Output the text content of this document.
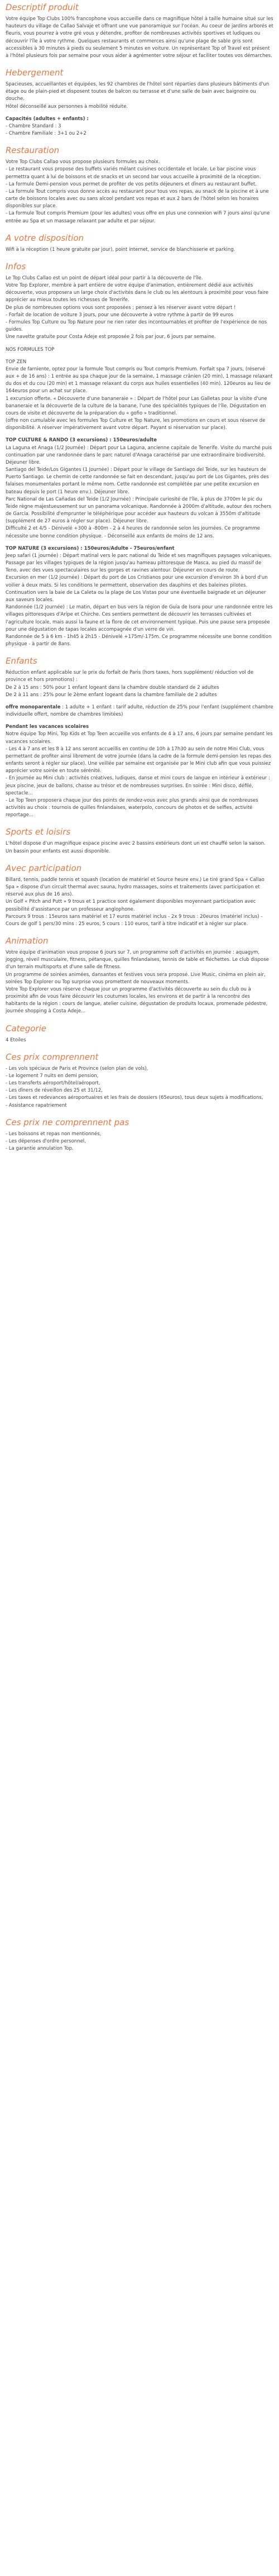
Descriptif produit

Votre équipe Top Clubs 100% francophone vous accueille dans ce magnifique hôtel à taille humaine situé sur les hauteurs du village de Callao Salvaje et offrant une vue panoramique sur l'océan. Au coeur de jardins arborés et fleuris, vous pourrez à votre gré vous y détendre, profiter de nombreuses activités sportives et ludiques ou découvrir l'île à votre rythme. Quelques restaurants et commerces ainsi qu'une plage de sable gris sont accessibles à 30 minutes à pieds ou seulement 5 minutes en voiture. Un représentant Top of Travel est présent à l'hôtel plusieurs fois par semaine pour vous aider à agrémenter votre séjour et faciliter toutes vos démarches.

Hebergement

Spacieuses, accueillantes et équipées, les 92 chambres de l'hôtel sont réparties dans plusieurs bâtiments d'un étage ou de plain-pied et disposent toutes de balcon ou terrasse et d'une salle de bain avec baignoire ou douche.
Hôtel déconseillé aux personnes à mobilité réduite.

Capacités (adultes + enfants) :
- Chambre Standard : 3
- Chambre Familiale : 3+1 ou 2+2

Restauration

Votre Top Clubs Callao vous propose plusieurs formules au choix.
- Le restaurant vous propose des buffets variés mêlant cuisines occidentale et locale. Le bar piscine vous permettra quant à lui de boissons et de snacks et un second bar vous accueille à proximité de la réception.
- La formule Demi-pension vous permet de profiter de vos petits déjeuners et dîners au restaurant buffet.
- La formule Tout compris vous donne accès au restaurant pour tous vos repas, au snack de la piscine et à une carte de boissons locales avec ou sans alcool pendant vos repas et aux 2 bars de l'hôtel selon les horaires disponibles sur place.
- La formule Tout compris Premium (pour les adultes) vous offre en plus une connexion wifi 7 jours ainsi qu'une entrée au Spa et un massage relaxant par adulte et par séjour.

A votre disposition

Wifi à la réception (1 heure gratuite par jour), point internet, service de blanchisserie et parking.

Infos

Le Top Clubs Callao est un point de départ idéal pour partir à la découverte de l'île.
Votre Top Explorer, membre à part entière de votre équipe d'animation, entièrement dédié aux activités découverte, vous proposera un large choix d'activités dans le club ou les alentours à proximité pour vous faire apprécier au mieux toutes les richesses de Tenerife.
De plus de nombreuses options vous sont proposées ; pensez à les réserver avant votre départ !
- Forfait de location de voiture 3 jours, pour une découverte à votre rythme à partir de 99 euros
- Formules Top Culture ou Top Nature pour ne rien rater des incontournables et profiter de l'expérience de nos guides.
Une navette gratuite pour Costa Adeje est proposée 2 fois par jour, 6 jours par semaine.

NOS FORMULES TOP

TOP ZEN
Envie de farniente, optez pour la formule Tout compris ou Tout compris Premium. Forfait spa 7 jours, (réservé aux + de 16 ans) : 1 entrée au spa chaque jour de la semaine, 1 massage crânien (20 min), 1 massage relaxant du dos et du cou (20 min) et 1 massage relaxant du corps aux huiles essentielles (40 min). 120euros au lieu de 164euros pour un achat sur place.
1 excursion offerte. « Découverte d'une bananeraie » : Départ de l'hôtel pour Las Galletas pour la visite d'une bananeraie et la découverte de la culture de la banane, l'une des spécialités typiques de l'île. Dégustation en cours de visite et découverte de la préparation du « gofio » traditionnel.
(offre non cumulable avec les formules Top Culture et Top Nature, les promotions en cours et sous réserve de disponibilité. A réserver impérativement avant votre départ. Payant si réservation sur place).

TOP CULTURE & RANDO (3 excursions) : 150euros/adulte
La Laguna et Anaga (1/2 Journée) : Départ pour La Laguna, ancienne capitale de Tenerife. Visite du marché puis continuation par une randonnée dans le parc naturel d'Anaga caractérisé par une extraordinaire biodiversité. Déjeuner libre.
Santiago del Teide/Los Gigantes (1 Journée) : Départ pour le village de Santiago del Teide, sur les hauteurs de Puerto Santiago. Le chemin de cette randonnée se fait en descendant, jusqu'au port de Los Gigantes, près des falaises monumentales portant le même nom. Cette randonnée est complétée par une petite excursion en bateau depuis le port (1 heure env.). Déjeuner libre.
Parc National de Las Cañadas del Teide (1/2 Journée) : Principale curiosité de l'île, à plus de 3700m le pic du Teide règne majestueusement sur un panorama volcanique. Randonnée à 2000m d'altitude, autour des rochers de García. Possibilité d'emprunter le téléphérique pour accéder aux hauteurs du volcan à 3550m d'altitude (supplément de 27 euros à régler sur place). Déjeuner libre.
Difficulté 2 et 4/5 - Dénivelé +300 à -800m - 2 à 4 heures de randonnée selon les journées. Ce programme nécessite une bonne condition physique. - Déconseillé aux enfants de moins de 12 ans.

TOP NATURE (3 excursions) : 150euros/Adulte - 75euros/enfant
Jeep safari (1 journée) : Départ matinal vers le parc national du Teide et ses magnifiques paysages volcaniques. Passage par les villages typiques de la région jusqu'au hameau pittoresque de Masca, au pied du massif de Teno, avec des vues spectaculaires sur les gorges et ravines alentour. Déjeuner en cours de route.
Excursion en mer (1/2 journée) : Départ du port de Los Cristianos pour une excursion d'environ 3h à bord d'un voilier à deux mats. Si les conditions le permettent, observation des dauphins et des baleines pilotes. Continuation vers la baie de La Caleta ou la plage de Los Vistas pour une éventuelle baignade et un déjeuner aux saveurs locales.
Randonnée (1/2 journée) : Le matin, départ en bus vers la région de Guía de Isora pour une randonnée entre les villages pittoresques d'Arípe et Chirche. Ces sentiers permettent de découvrir les terrasses cultivées et l'agriculture locale, mais aussi la faune et la flore de cet environnement typique. Puis une pause sera proposée pour une dégustation de tapas locales accompagnée d'un verre de vin.
Randonnée de 5 à 6 km - 1h45 à 2h15 - Dénivelé +175m/-175m. Ce programme nécessite une bonne condition physique - à partir de 8ans.

Enfants

Réduction enfant applicable sur le prix du forfait de Paris (hors taxes, hors supplément/ réduction vol de province et hors promotions) :
De 2 à 15 ans : 50% pour 1 enfant logeant dans la chambre double standard de 2 adultes
De 2 à 11 ans : 25% pour le 2ème enfant logeant dans la chambre familiale de 2 adultes

offre monoparentale : 1 adulte + 1 enfant : tarif adulte, réduction de 25% pour l'enfant (supplément chambre individuelle offert, nombre de chambres limitées)

Pendant les vacances scolaires
Notre équipe Top Mini, Top Kids et Top Teen accueille vos enfants de 4 à 17 ans, 6 jours par semaine pendant les vacances scolaires.
- Les 4 à 7 ans et les 8 à 12 ans seront accueillis en continu de 10h à 17h30 au sein de notre Mini Club, vous permettant de profiter ainsi librement de votre journée (dans la cadre de la formule demi-pension les repas des enfants seront à régler sur place). Une veillée par semaine est organisée par le Mini club afin que vous puissiez apprécier votre soirée en toute sérénité.
- En journée au Mini club : activités créatives, ludiques, danse et mini cours de langue en intérieur à extérieur : jeux piscine, jeux de ballons, chasse au trésor et de nombreuses surprises. En soirée : Mini disco, défilé, spectacle...
- Le Top Teen proposera chaque jour des points de rendez-vous avec plus grands ainsi que de nombreuses activités au choix : tournois de quilles finlandaises, waterpolo, concours de photos et de selfies, activité reportage...

Sports et loisirs

L'hôtel dispose d'un magnifique espace piscine avec 2 bassins extérieurs dont un est chauffé selon la saison. Un bassin pour enfants est aussi disponible.

Avec participation

Billard, tennis, paddle tennis et squash (location de matériel et Source heure env.) Le tiré grand Spa « Callao Spa » dispose d'un circuit thermal avec sauna, hydro massages, soins et traitements (avec participation et réservé aux plus de 16 ans).
Un Golf « Pitch and Putt » 9 trous et 1 practice sont également disponibles moyennant participation avec possibilité d'assistance par un professeur anglophone.
Parcours 9 trous : 15euros sans matériel et 17 euros matériel inclus - 2x 9 trous : 20euros (matériel inclus) - Cours de golf 1 pers/30 mins : 25 euros, 5 cours : 110 euros, tarif à titre indicatif et à régler sur place.

Animation

Votre équipe d'animation vous propose 6 jours sur 7, un programme soft d'activités en journée : aquagym, jogging, réveil musculaire, fitness, pétanque, quilles finlandaises, tennis de table et fléchettes. Le club dispose d'un terrain multisports et d'une salle de fitness.
Un programme de soirées animées, dansantes et festives vous sera proposé. Live Music, cinéma en plein air, soirées Top Explorer ou Top surprise vous promettent de nouveaux moments.
Votre Top Explorer vous réserve chaque jour un programme d'activités découverte au sein du club ou à proximité afin de vous faire découvrir les coutumes locales, les environs et de partir à la rencontre des habitants de la région : cours de langue, atelier cuisine, dégustation de produits locaux, promenade pédestre, journée shopping à Costa Adeje...

Categorie

4 Etoiles

Ces prix comprennent

- Les vols spéciaux de Paris et Province (selon plan de vols),
- Le logement 7 nuits en demi pension,
- Les transferts aéroport/hôtel/aéroport,
- Les dîners de réveillon des 25 et 31/12,
- Les taxes et redevances aéroportuaires et les frais de dossiers (65euros), tous deux sujets à modifications,
- Assistance rapatriement

Ces prix ne comprennent pas

- Les boissons et repas non mentionnés,
- Les dépenses d'ordre personnel,
- La garantie annulation Top.
